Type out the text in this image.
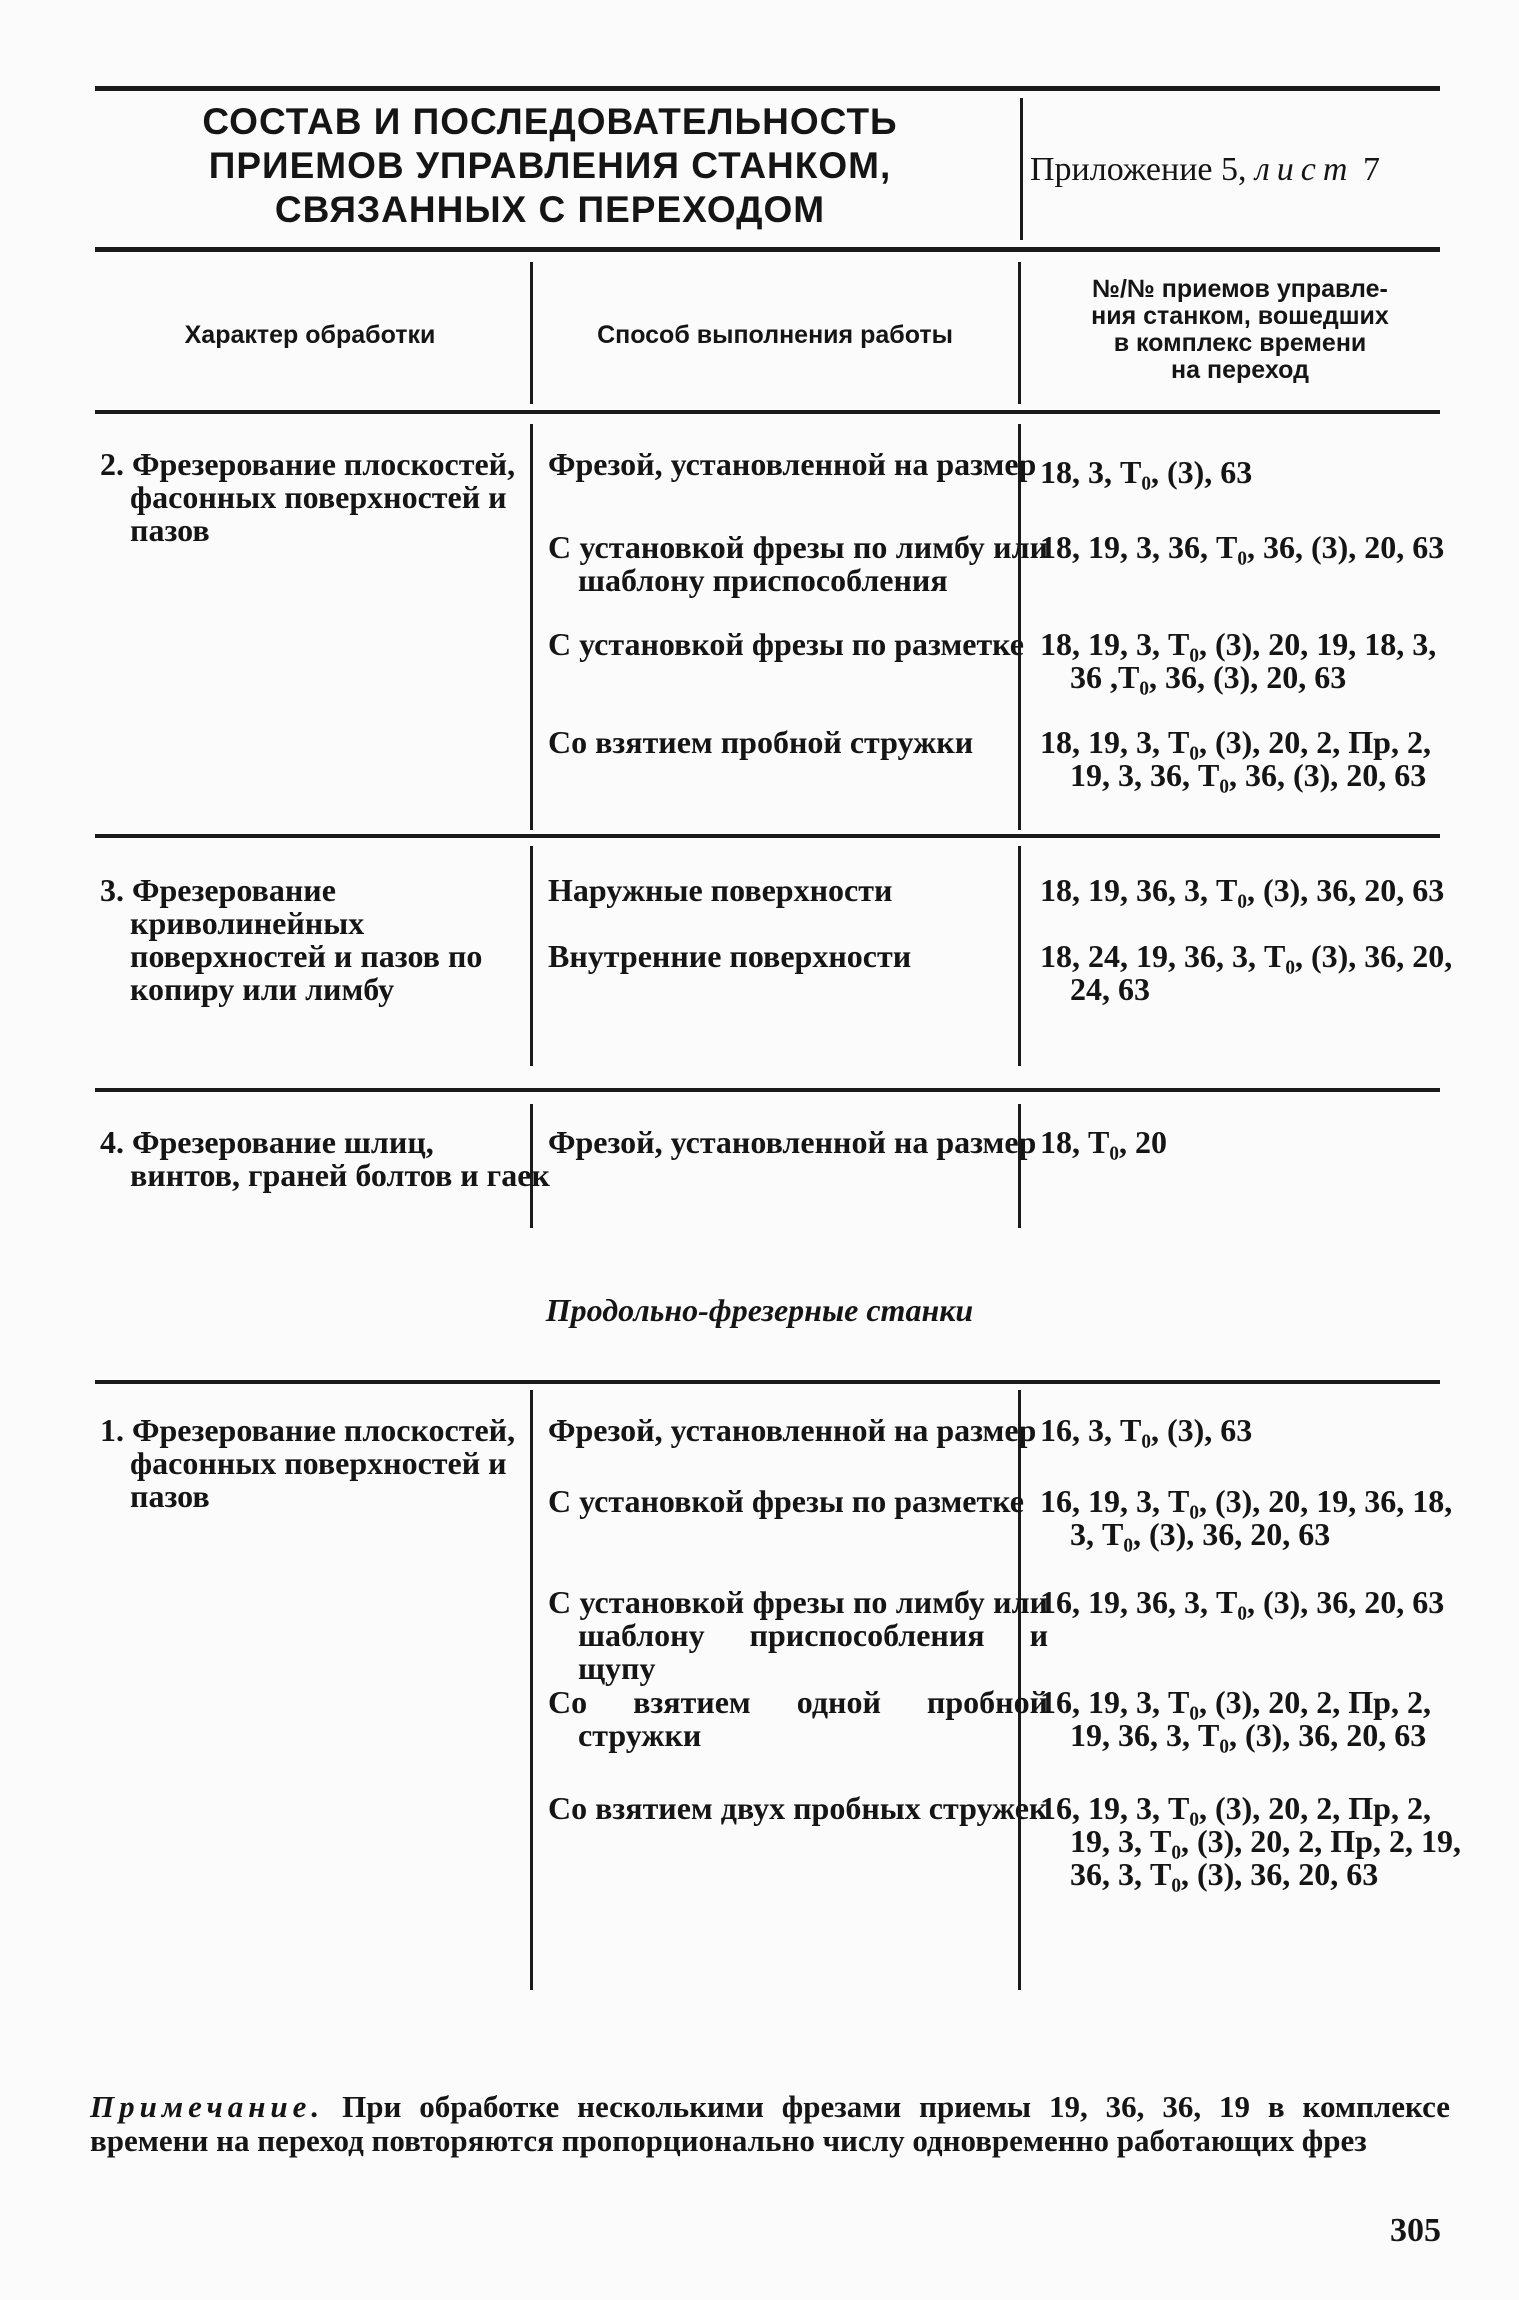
СОСТАВ И ПОСЛЕДОВАТЕЛЬНОСТЬ
ПРИЕМОВ УПРАВЛЕНИЯ СТАНКОМ,
СВЯЗАННЫХ С ПЕРЕХОДОМ
Приложение 5, лист 7
Характер обработки	Способ выполнения работы
№/№ приемов управле-
ния станком, вошедших
в комплекс времени
на переход
2. Фрезерование плоскостей, фасонных поверхностей и пазов
Фрезой, установленной на размер
С установкой фрезы по лимбу или шаблону приспособления
С установкой фрезы по разметке
Со взятием пробной стружки
18, 3, Т₀, (3), 63
18, 19, 3, 36, Т₀, 36, (3), 20, 63
18, 19, 3, Т₀, (3), 20, 19, 18, 3, 36 ,Т₀, 36, (3), 20, 63
18, 19, 3, Т₀, (3), 20, 2, Пр, 2, 19, 3, 36, Т₀, 36, (3), 20, 63
3. Фрезерование криволинейных поверхностей и пазов по копиру или лимбу
Наружные поверхности
Внутренние поверхности
18, 19, 36, 3, Т₀, (3), 36, 20, 63
18, 24, 19, 36, 3, Т₀, (3), 36, 20, 24, 63
4. Фрезерование шлиц, винтов, граней болтов и гаек
Фрезой, установленной на размер 18, Т₀, 20
Продольно-фрезерные станки
1. Фрезерование плоскостей, фасонных поверхностей и пазов
Фрезой, установленной на размер
С установкой фрезы по разметке
С установкой фрезы по лимбу или шаблону приспособления и щупу
Со взятием одной пробной стружки
Со взятием двух пробных стружек
16, 3, Т₀, (3), 63
16, 19, 3, Т₀, (3), 20, 19, 36, 18, 3, Т₀, (3), 36, 20, 63
16, 19, 36, 3, Т₀, (3), 36, 20, 63
16, 19, 3, Т₀, (3), 20, 2, Пр, 2, 19, 36, 3, Т₀, (3), 36, 20, 63
16, 19, 3, Т₀, (3), 20, 2, Пр, 2, 19, 3, Т₀, (3), 20, 2, Пр, 2, 19, 36, 3, Т₀, (3), 36, 20, 63
Примечание. При обработке несколькими фрезами приемы 19, 36, 36, 19 в комплексе времени на переход повторяются пропорционально числу одновременно работающих фрез
305
